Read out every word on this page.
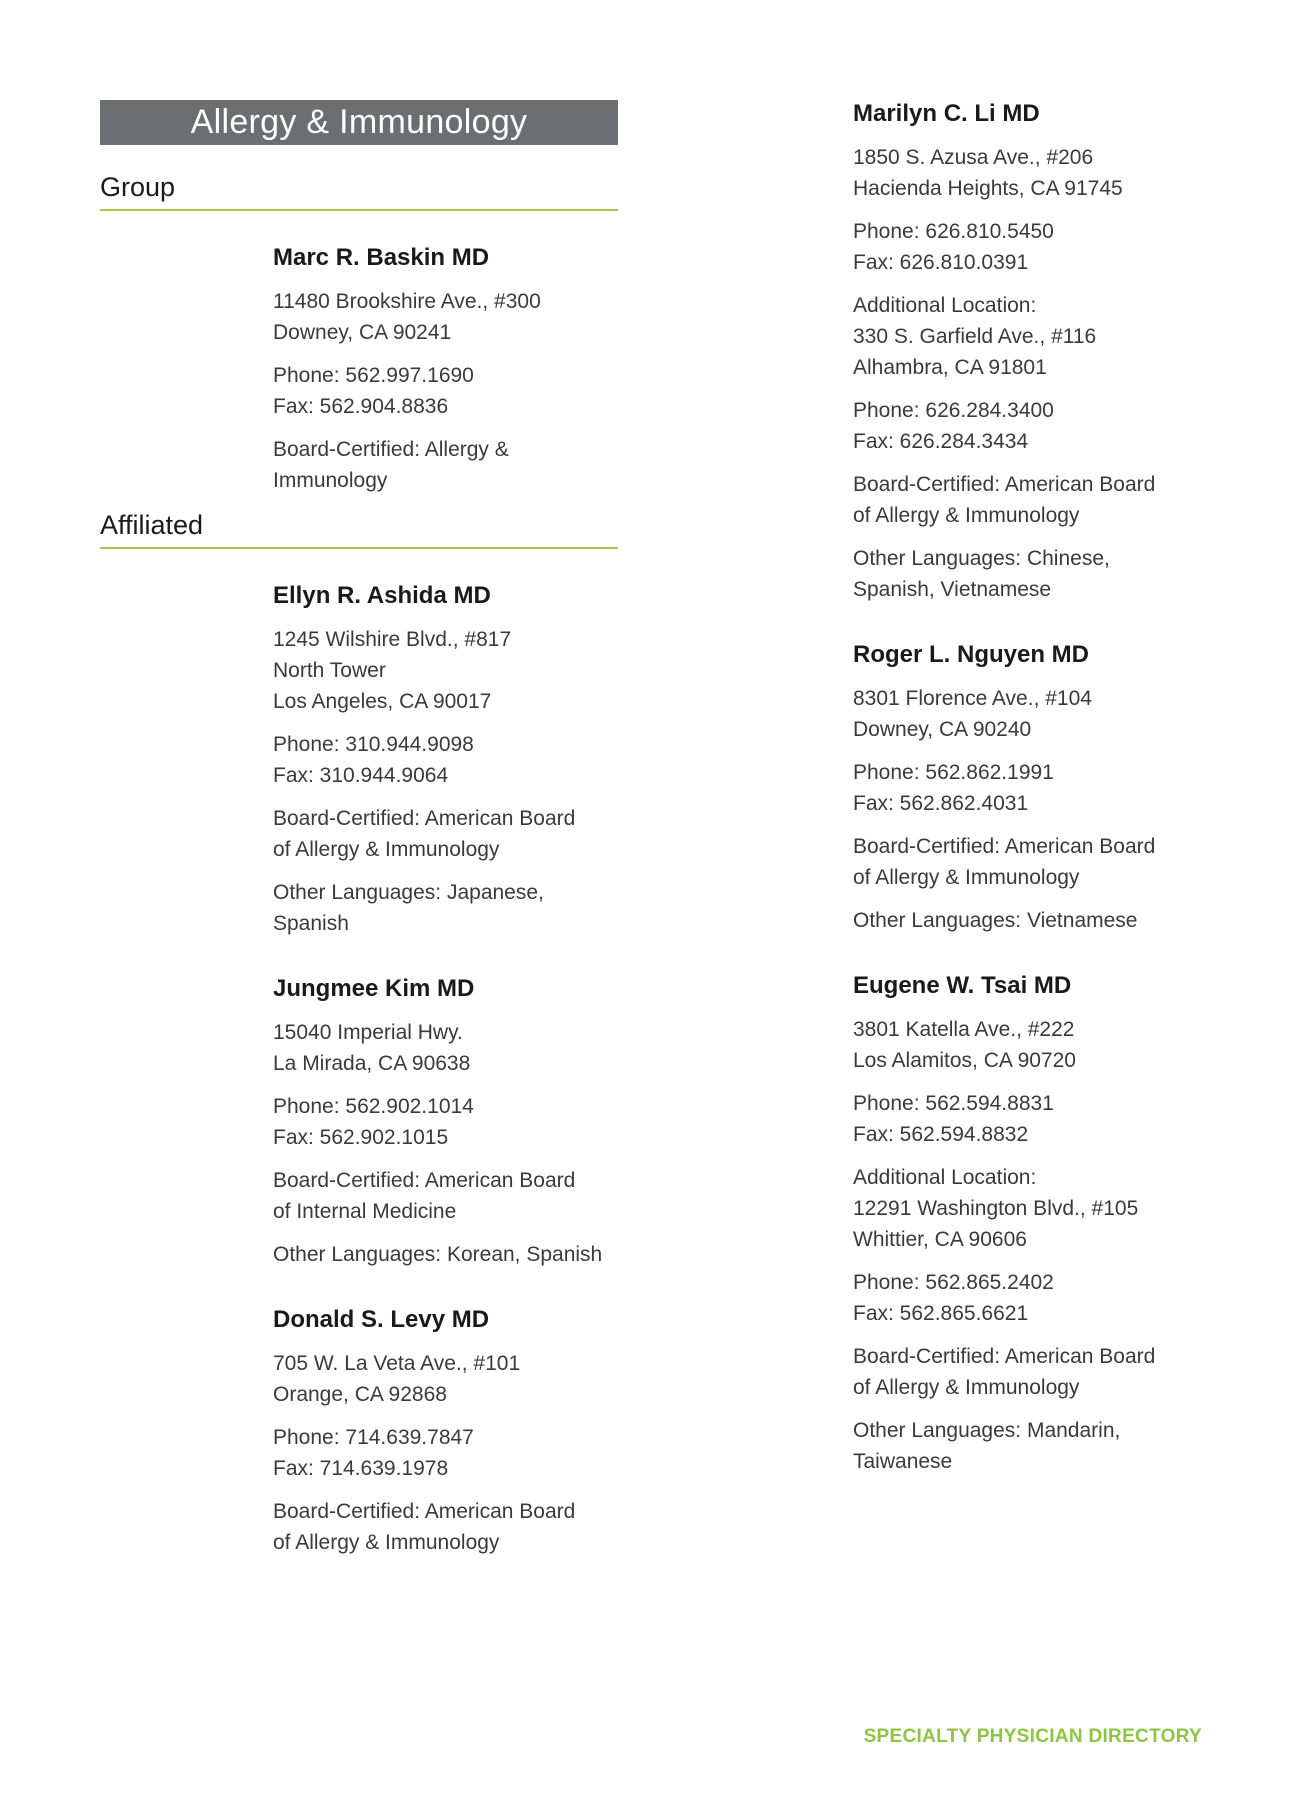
Allergy & Immunology
Group
Marc R. Baskin MD
11480 Brookshire Ave., #300
Downey, CA 90241
Phone: 562.997.1690
Fax: 562.904.8836
Board-Certified: Allergy &
Immunology
Affiliated
Ellyn R. Ashida MD
1245 Wilshire Blvd., #817
North Tower
Los Angeles, CA 90017
Phone: 310.944.9098
Fax: 310.944.9064
Board-Certified: American Board
of Allergy & Immunology
Other Languages: Japanese,
Spanish
Jungmee Kim MD
15040 Imperial Hwy.
La Mirada, CA 90638
Phone: 562.902.1014
Fax: 562.902.1015
Board-Certified: American Board
of Internal Medicine
Other Languages: Korean, Spanish
Donald S. Levy MD
705 W. La Veta Ave., #101
Orange, CA 92868
Phone: 714.639.7847
Fax: 714.639.1978
Board-Certified: American Board
of Allergy & Immunology
Marilyn C. Li MD
1850 S. Azusa Ave., #206
Hacienda Heights, CA 91745
Phone: 626.810.5450
Fax: 626.810.0391
Additional Location:
330 S. Garfield Ave., #116
Alhambra, CA 91801
Phone: 626.284.3400
Fax: 626.284.3434
Board-Certified: American Board
of Allergy & Immunology
Other Languages: Chinese,
Spanish, Vietnamese
Roger L. Nguyen MD
8301 Florence Ave., #104
Downey, CA 90240
Phone: 562.862.1991
Fax: 562.862.4031
Board-Certified: American Board
of Allergy & Immunology
Other Languages: Vietnamese
Eugene W. Tsai MD
3801 Katella Ave., #222
Los Alamitos, CA 90720
Phone: 562.594.8831
Fax: 562.594.8832
Additional Location:
12291 Washington Blvd., #105
Whittier, CA 90606
Phone: 562.865.2402
Fax: 562.865.6621
Board-Certified: American Board
of Allergy & Immunology
Other Languages: Mandarin,
Taiwanese
SPECIALTY PHYSICIAN DIRECTORY
